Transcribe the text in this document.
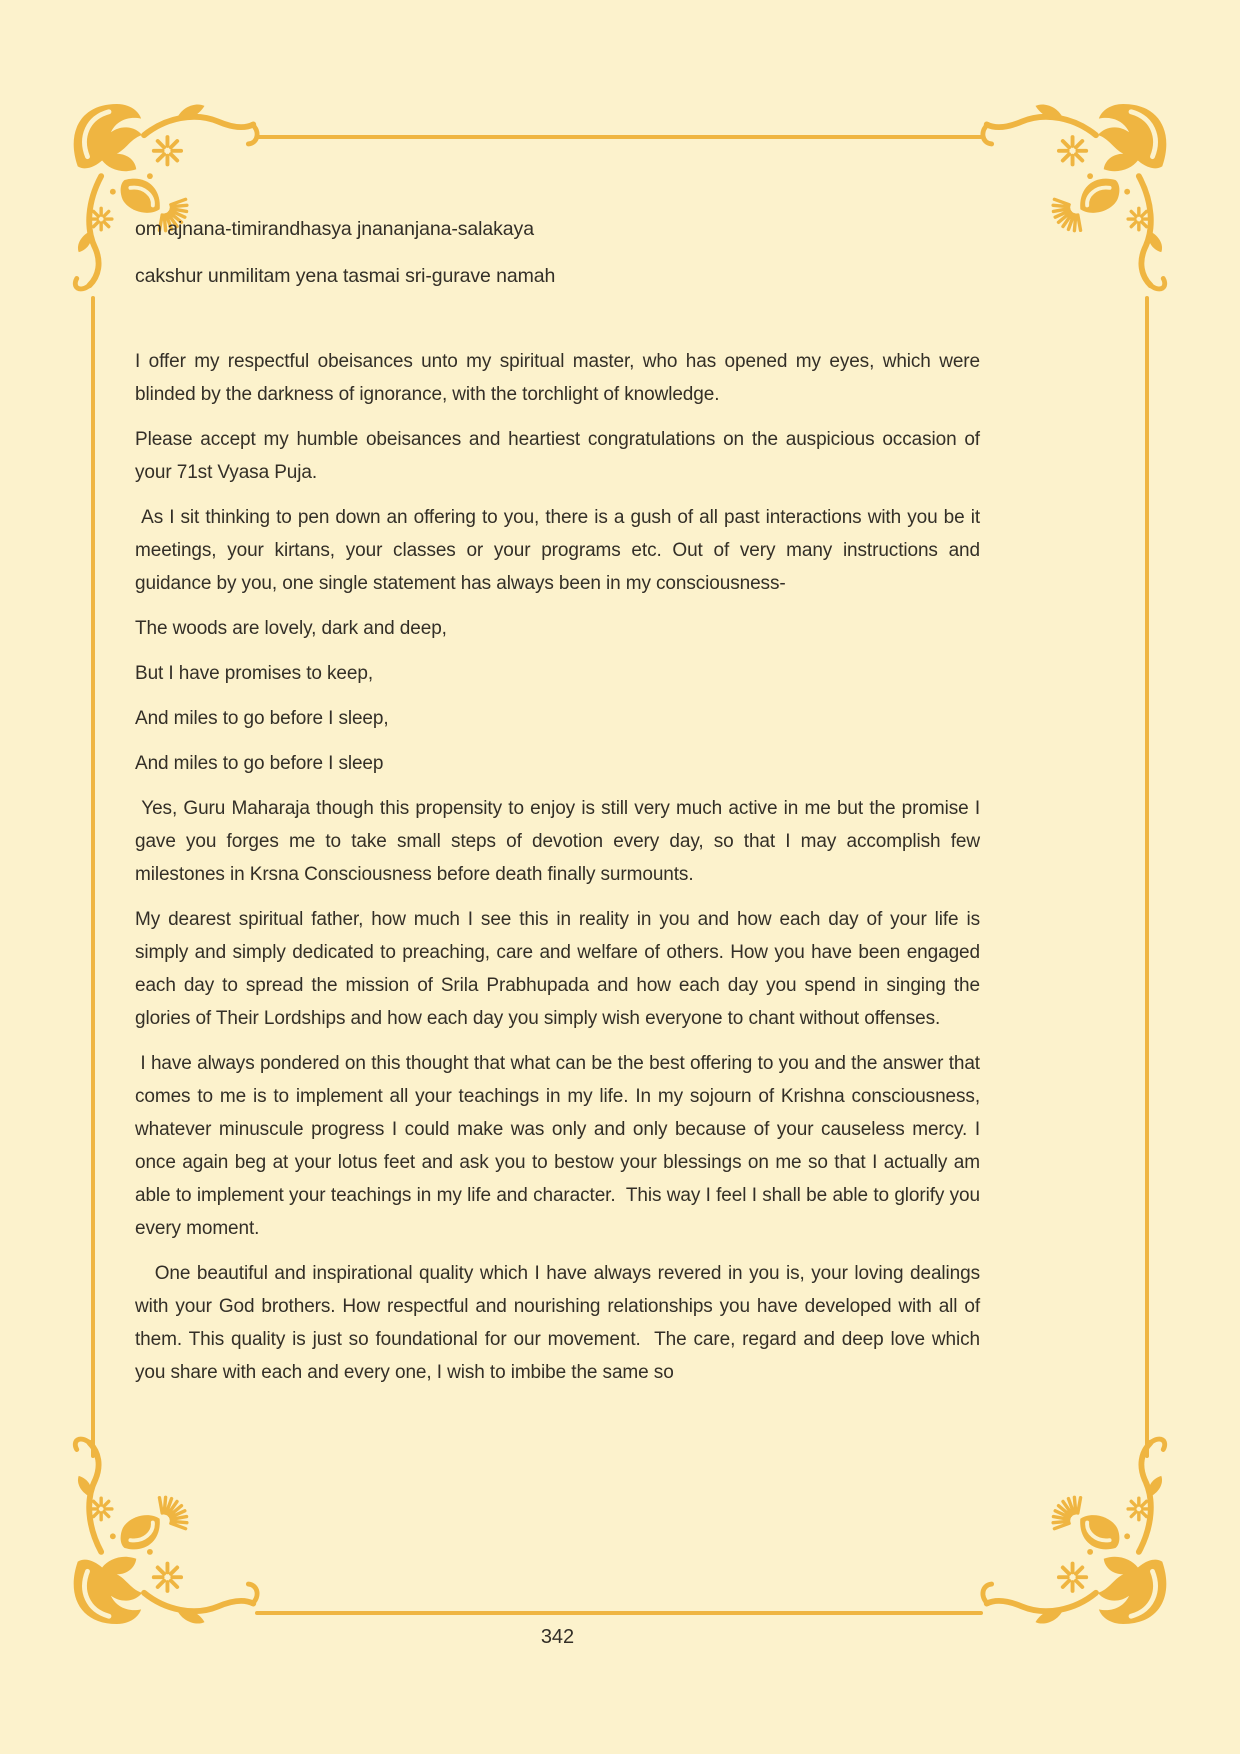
om ajnana-timirandhasya jnananjana-salakaya

cakshur unmilitam yena tasmai sri-gurave namah

I offer my respectful obeisances unto my spiritual master, who has opened my eyes, which were blinded by the darkness of ignorance, with the torchlight of knowledge.

Please accept my humble obeisances and heartiest congratulations on the auspicious occasion of your 71st Vyasa Puja.

As I sit thinking to pen down an offering to you, there is a gush of all past interactions with you be it meetings, your kirtans, your classes or your programs etc. Out of very many instructions and guidance by you, one single statement has always been in my consciousness-

The woods are lovely, dark and deep,

But I have promises to keep,

And miles to go before I sleep,

And miles to go before I sleep

Yes, Guru Maharaja though this propensity to enjoy is still very much active in me but the promise I gave you forges me to take small steps of devotion every day, so that I may accomplish few milestones in Krsna Consciousness before death finally surmounts.

My dearest spiritual father, how much I see this in reality in you and how each day of your life is simply and simply dedicated to preaching, care and welfare of others. How you have been engaged each day to spread the mission of Srila Prabhupada and how each day you spend in singing the glories of Their Lordships and how each day you simply wish everyone to chant without offenses.

I have always pondered on this thought that what can be the best offering to you and the answer that comes to me is to implement all your teachings in my life. In my sojourn of Krishna consciousness, whatever minuscule progress I could make was only and only because of your causeless mercy. I once again beg at your lotus feet and ask you to bestow your blessings on me so that I actually am able to implement your teachings in my life and character.  This way I feel I shall be able to glorify you every moment.

One beautiful and inspirational quality which I have always revered in you is, your loving dealings with your God brothers. How respectful and nourishing relationships you have developed with all of them. This quality is just so foundational for our movement.  The care, regard and deep love which you share with each and every one, I wish to imbibe the same so

342
